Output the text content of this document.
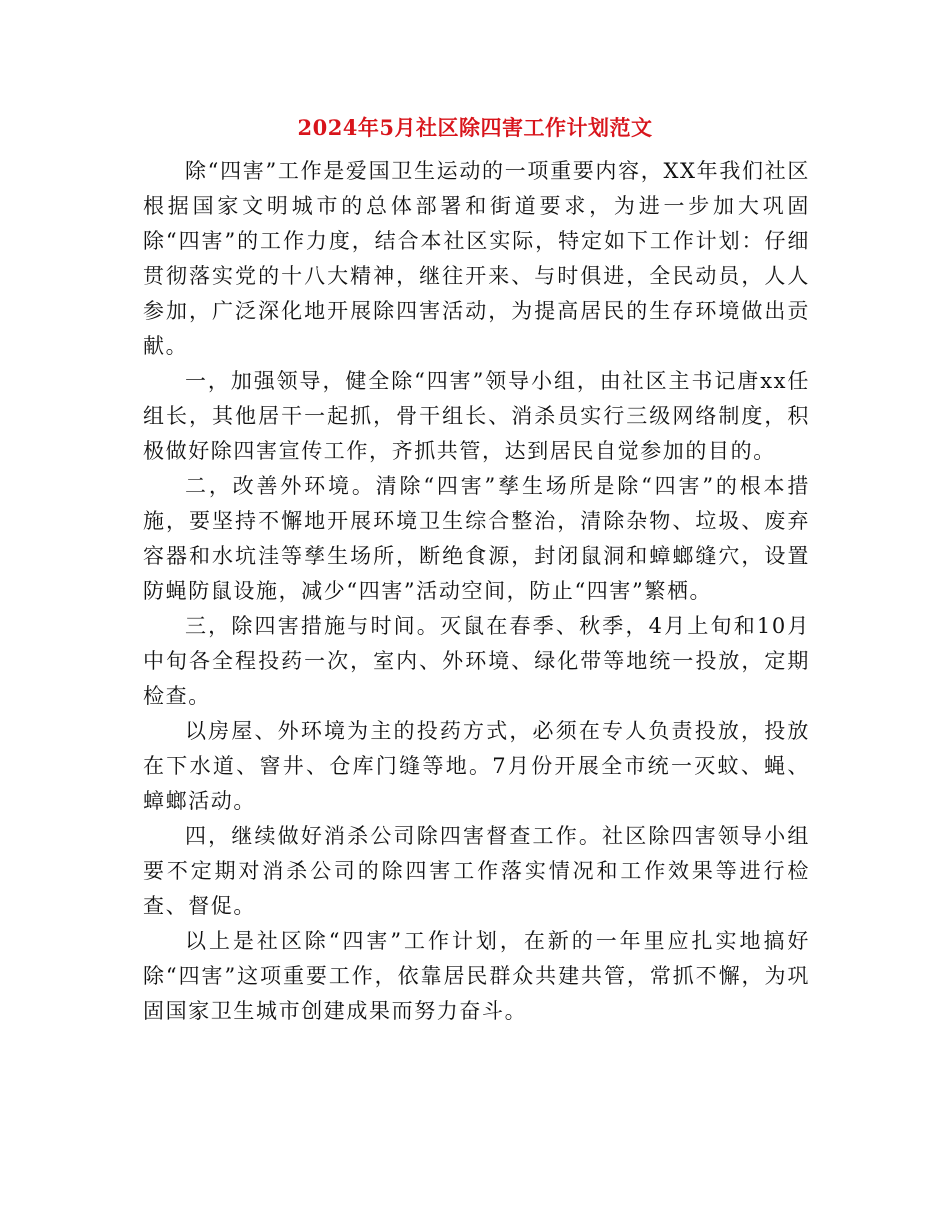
2024年5月社区除四害工作计划范文

除“四害”工作是爱国卫生运动的一项重要内容，XX年我们社区根据国家文明城市的总体部署和街道要求，为进一步加大巩固除“四害”的工作力度，结合本社区实际，特定如下工作计划：仔细贯彻落实党的十八大精神，继往开来、与时俱进，全民动员，人人参加，广泛深化地开展除四害活动，为提高居民的生存环境做出贡献。

一，加强领导，健全除“四害”领导小组，由社区主书记唐xx任组长，其他居干一起抓，骨干组长、消杀员实行三级网络制度，积极做好除四害宣传工作，齐抓共管，达到居民自觉参加的目的。

二，改善外环境。清除“四害”孳生场所是除“四害”的根本措施，要坚持不懈地开展环境卫生综合整治，清除杂物、垃圾、废弃容器和水坑洼等孳生场所，断绝食源，封闭鼠洞和蟑螂缝穴，设置防蝇防鼠设施，减少“四害”活动空间，防止“四害”繁栖。

三，除四害措施与时间。灭鼠在春季、秋季，4月上旬和10月中旬各全程投药一次，室内、外环境、绿化带等地统一投放，定期检查。

以房屋、外环境为主的投药方式，必须在专人负责投放，投放在下水道、窨井、仓库门缝等地。7月份开展全市统一灭蚊、蝇、蟑螂活动。

四，继续做好消杀公司除四害督查工作。社区除四害领导小组要不定期对消杀公司的除四害工作落实情况和工作效果等进行检查、督促。

以上是社区除“四害”工作计划，在新的一年里应扎实地搞好除“四害”这项重要工作，依靠居民群众共建共管，常抓不懈，为巩固国家卫生城市创建成果而努力奋斗。
